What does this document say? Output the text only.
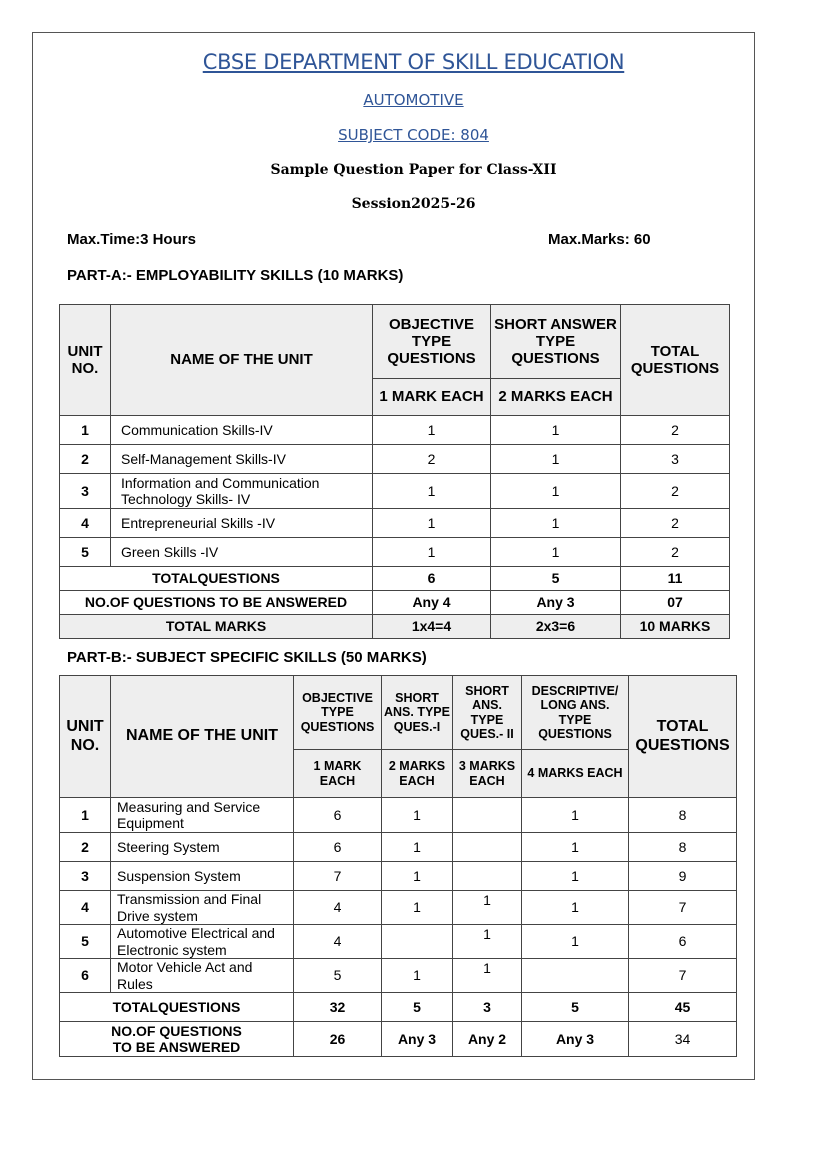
CBSE DEPARTMENT OF SKILL EDUCATION
AUTOMOTIVE
SUBJECT CODE: 804
Sample Question Paper for Class-XII
Session2025-26
Max.Time:3 Hours	Max.Marks: 60
PART-A:- EMPLOYABILITY SKILLS (10 MARKS)
UNIT NO.	NAME OF THE UNIT	OBJECTIVE TYPE QUESTIONS	SHORT ANSWER TYPE QUESTIONS	TOTAL QUESTIONS
		1 MARK EACH	2 MARKS EACH	
1	Communication Skills-IV	1	1	2
2	Self-Management Skills-IV	2	1	3
3	Information and Communication Technology Skills- IV	1	1	2
4	Entrepreneurial Skills -IV	1	1	2
5	Green Skills -IV	1	1	2
TOTALQUESTIONS		6	5	11
NO.OF QUESTIONS TO BE ANSWERED		Any 4	Any 3	07
TOTAL MARKS		1x4=4	2x3=6	10 MARKS
UNIT NO.	NAME OF THE UNIT	OBJECTIVE TYPE QUESTIONS	SHORT ANS. TYPE QUES.-I	SHORT ANS. TYPE QUES.- II	DESCRIPTIVE/ LONG ANS. TYPE QUESTIONS	TOTAL QUESTIONS
		1 MARK EACH	2 MARKS EACH	3 MARKS EACH	4 MARKS EACH	
1	Measuring and Service Equipment	6	1		1	8
2	Steering System	6	1		1	8
3	Suspension System	7	1		1	9
4	Transmission and Final Drive system	4	1	1	1	7
5	Automotive Electrical and Electronic system	4		1	1	6
6	Motor Vehicle Act and Rules	5	1	1		7
TOTALQUESTIONS		32	5	3	5	45
NO.OF QUESTIONS TO BE ANSWERED		26	Any 3	Any 2	Any 3	34
PART-B:- SUBJECT SPECIFIC SKILLS (50 MARKS)
